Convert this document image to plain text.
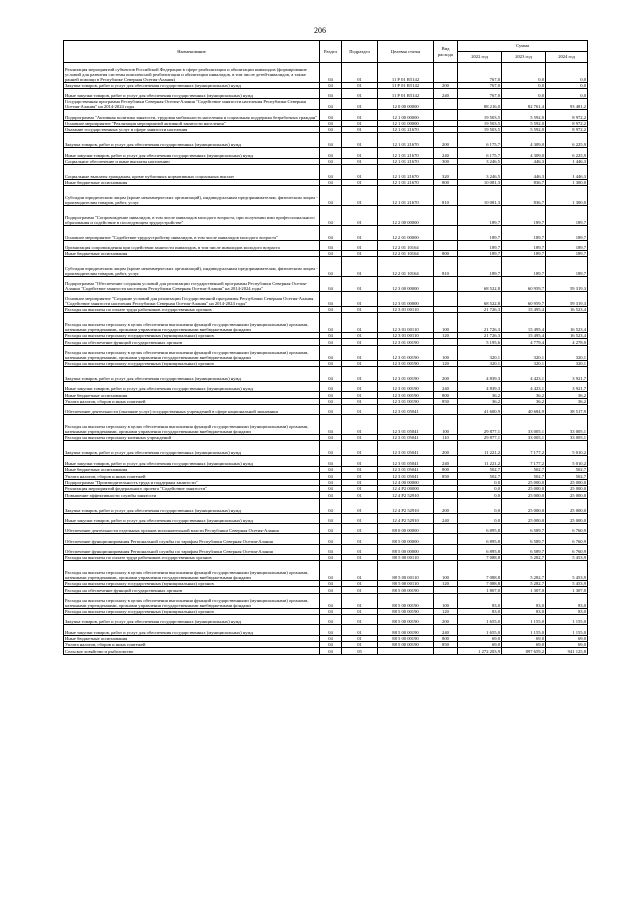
206
Наименование	Раздел	Подраздел	Целевая статья	Вид расхода	Сумма		
					2022 год	2023 год	2024 год
Реализация мероприятий субъектов Российской Федерации в сфере реабилитации и абилитации инвалидов (формирование условий для развития системы комплексной реабилитации и абилитации инвалидов, в том числе детей-инвалидов, а также ранней помощи в Республике Северная Осетия-Алания)	04	01	11 Р 01 R5142		767,0	0,0	0,0
Закупка товаров, работ и услуг для обеспечения государственных (муниципальных) нужд	04	01	11 Р 01 R5142	200	767,0	0,0	0,0
Иные закупки товаров, работ и услуг для обеспечения государственных (муниципальных) нужд	04	01	11 Р 01 R5142	240	767,0	0,0	0,0
Государственная программа Республики Северная Осетия-Алания "Содействие занятости населения Республики Северная Осетия-Алания" на 2014-2024 годы	04	01	12 0 00 00000		88 216,0	82 761,4	93 481,2
Подпрограмма "Активная политика занятости, трудовая мобильность населения и социальная поддержка безработных граждан"	04	01	12 1 00 00000		19 503,5	5 592,0	8 972,2
Основное мероприятие "Реализация мероприятий активной занятости населения"	04	01	12 1 01 00000		19 503,5	5 592,0	8 972,2
Оказание государственных услуг в сфере занятости населения	04	01	12 1 01 21670		19 503,5	5 592,0	8 972,2
Закупка товаров, работ и услуг для обеспечения государственных (муниципальных) нужд	04	01	12 1 01 21670	200	6 175,7	4 309,0	6 225,9
Иные закупки товаров, работ и услуг для обеспечения государственных (муниципальных) нужд	04	01	12 1 01 21670	240	6 175,7	4 309,0	6 225,9
Социальное обеспечение и иные выплаты населению	04	01	12 1 01 21670	300	3 246,5	446,3	1 446,3
Социальные выплаты гражданам, кроме публичных нормативных социальных выплат	04	01	12 1 01 21670	320	3 246,5	446,3	1 446,3
Иные бюджетные ассигнования	04	01	12 1 01 21670	800	10 081,3	836,7	1 300,0
Субсидии юридическим лицам (кроме некоммерческих организаций), индивидуальным предпринимателям, физическим лицам - производителям товаров, работ, услуг	04	01	12 1 01 21670	810	10 081,3	836,7	1 300,0
Подпрограмма "Сопровождение инвалидов, в том числе инвалидов молодого возраста, при получении ими профессионального образования и содействие в последующем трудоустройстве"	04	01	12 2 00 00000		189,7	189,7	189,7
Основное мероприятие "Содействие трудоустройству инвалидов, в том числе инвалидов молодого возраста"	04	01	12 2 01 00000		189,7	189,7	189,7
Организация сопровождения при содействии занятости инвалидов, в том числе инвалидов молодого возраста	04	01	12 2 01 10164		189,7	189,7	189,7
Иные бюджетные ассигнования	04	01	12 2 01 10164	800	189,7	189,7	189,7
Субсидии юридическим лицам (кроме некоммерческих организаций), индивидуальным предпринимателям, физическим лицам - производителям товаров, работ, услуг	04	01	12 2 01 10164	810	189,7	189,7	189,7
Подпрограмма "Обеспечение создания условий для реализации государственной программы Республики Северная Осетия-Алания "Содействие занятости населения Республики Северная Осетия-Алания" на 2014-2024 годы"	04	01	12 3 00 00000		68 522,8	60 959,7	59 319,3
Основное мероприятие "Создание условий для реализации Государственной программы Республики Северная Осетия-Алания "Содействие занятости населения Республики Северная Осетия-Алания" на 2014-2024 годы"	04	01	12 3 01 00000		68 522,8	60 959,7	59 319,3
Расходы на выплаты по оплате труда работников государственных органов	04	01	12 3 01 00110		21 726,3	15 495,4	16 523,4
Расходы на выплаты персоналу в целях обеспечения выполнения функций государственными (муниципальными) органами, казенными учреждениями, органами управления государственными внебюджетными фондами	04	01	12 3 01 00110	100	21 726,3	15 495,4	16 523,4
Расходы на выплаты персоналу государственных (муниципальных) органов	04	01	12 3 01 00110	120	21 726,3	15 495,4	16 523,4
Расходы на обеспечение функций государственных органов	04	01	12 3 01 00190		5 195,6	4 779,4	4 278,0
Расходы на выплаты персоналу в целях обеспечения выполнения функций государственными (муниципальными) органами, казенными учреждениями, органами управления государственными внебюджетными фондами	04	01	12 3 01 00190	100	320,1	320,1	320,1
Расходы на выплаты персоналу государственных (муниципальных) органов	04	01	12 3 01 00190	120	320,1	320,1	320,1
Закупка товаров, работ и услуг для обеспечения государственных (муниципальных) нужд	04	01	12 3 01 00190	200	4 839,3	4 423,1	3 921,7
Иные закупки товаров, работ и услуг для обеспечения государственных (муниципальных) нужд	04	01	12 3 01 00190	240	4 839,3	4 423,1	3 921,7
Иные бюджетные ассигнования	04	01	12 3 01 00190	800	36,2	36,2	36,2
Уплата налогов, сборов и иных платежей	04	01	12 3 01 00190	850	36,2	36,2	36,2
Обеспечение деятельности (оказание услуг) государственных учреждений в сфере национальной экономики	04	01	12 3 01 05041		41 600,9	40 684,9	38 517,9
Расходы на выплаты персоналу в целях обеспечения выполнения функций государственными (муниципальными) органами, казенными учреждениями, органами управления государственными внебюджетными фондами	04	01	12 3 01 05041	100	29 877,1	33 005,1	33 005,1
Расходы на выплаты персоналу казенных учреждений	04	01	12 3 01 05041	110	29 877,1	33 005,1	33 005,1
Закупка товаров, работ и услуг для обеспечения государственных (муниципальных) нужд	04	01	12 3 01 05041	200	11 221,2	7 177,2	5 010,2
Иные закупки товаров, работ и услуг для обеспечения государственных (муниципальных) нужд	04	01	12 3 01 05041	240	11 221,2	7 177,2	5 010,2
Иные бюджетные ассигнования	04	01	12 3 01 05041	800	502,7	502,7	502,7
Уплата налогов, сборов и иных платежей	04	01	12 3 01 05041	850	502,7	502,7	502,7
Подпрограмма "Производительность труда и поддержка занятости"	04	01	12 4 00 00000		0,0	25 000,0	25 000,0
Реализация мероприятий федерального проекта "Содействие занятости"	04	01	12 4 Р2 00000		0,0	25 000,0	25 000,0
Повышение эффективности службы занятости	04	01	12 4 Р2 52910		0,0	25 000,0	25 000,0
Закупка товаров, работ и услуг для обеспечения государственных (муниципальных) нужд	04	01	12 4 Р2 52910	200	0,0	25 000,0	25 000,0
Иные закупки товаров, работ и услуг для обеспечения государственных (муниципальных) нужд	04	01	12 4 Р2 52910	240	0,0	25 000,0	25 000,0
Обеспечение деятельности отдельных органов исполнительной власти Республики Северная Осетия-Алания	04	01	88 0 00 00000		6 895,8	6 589,7	6 760,9
Обеспечение функционирования Региональной службы по тарифам Республики Северная Осетия-Алания	04	01	88 5 00 00000		6 895,8	6 589,7	6 760,9
Обеспечение функционирования Региональной службы по тарифам Республики Северная Осетия-Алания	04	01	88 5 00 00000		6 895,8	6 589,7	6 760,9
Расходы на выплаты по оплате труда работников государственных органов	04	01	88 5 00 00110		7 088,8	5 282,7	5 453,9
Расходы на выплаты персоналу в целях обеспечения выполнения функций государственными (муниципальными) органами, казенными учреждениями, органами управления государственными внебюджетными фондами	04	01	88 5 00 00110	100	7 088,8	5 282,7	5 453,9
Расходы на выплаты персоналу государственных (муниципальных) органов	04	01	88 5 00 00110	120	7 088,8	5 282,7	5 453,9
Расходы на обеспечение функций государственных органов	04	01	88 5 00 00190		1 807,0	1 307,0	1 307,0
Расходы на выплаты персоналу в целях обеспечения выполнения функций государственными (муниципальными) органами, казенными учреждениями, органами управления государственными внебюджетными фондами	04	01	88 5 00 00190	100	83,0	83,0	83,0
Расходы на выплаты персоналу государственных (муниципальных) органов	04	01	88 5 00 00190	120	83,0	83,0	83,0
Закупка товаров, работ и услуг для обеспечения государственных (муниципальных) нужд	04	01	88 5 00 00190	200	1 655,0	1 155,0	1 155,0
Иные закупки товаров, работ и услуг для обеспечения государственных (муниципальных) нужд	04	01	88 5 00 00190	240	1 655,0	1 155,0	1 155,0
Иные бюджетные ассигнования	04	01	88 5 00 00190	800	69,0	69,0	69,0
Уплата налогов, сборов и иных платежей	04	01	88 5 00 00190	850	69,0	69,0	69,0
Сельское хозяйство и рыболовство	04	05			1 272 203,9	897 659,2	941 125,8
